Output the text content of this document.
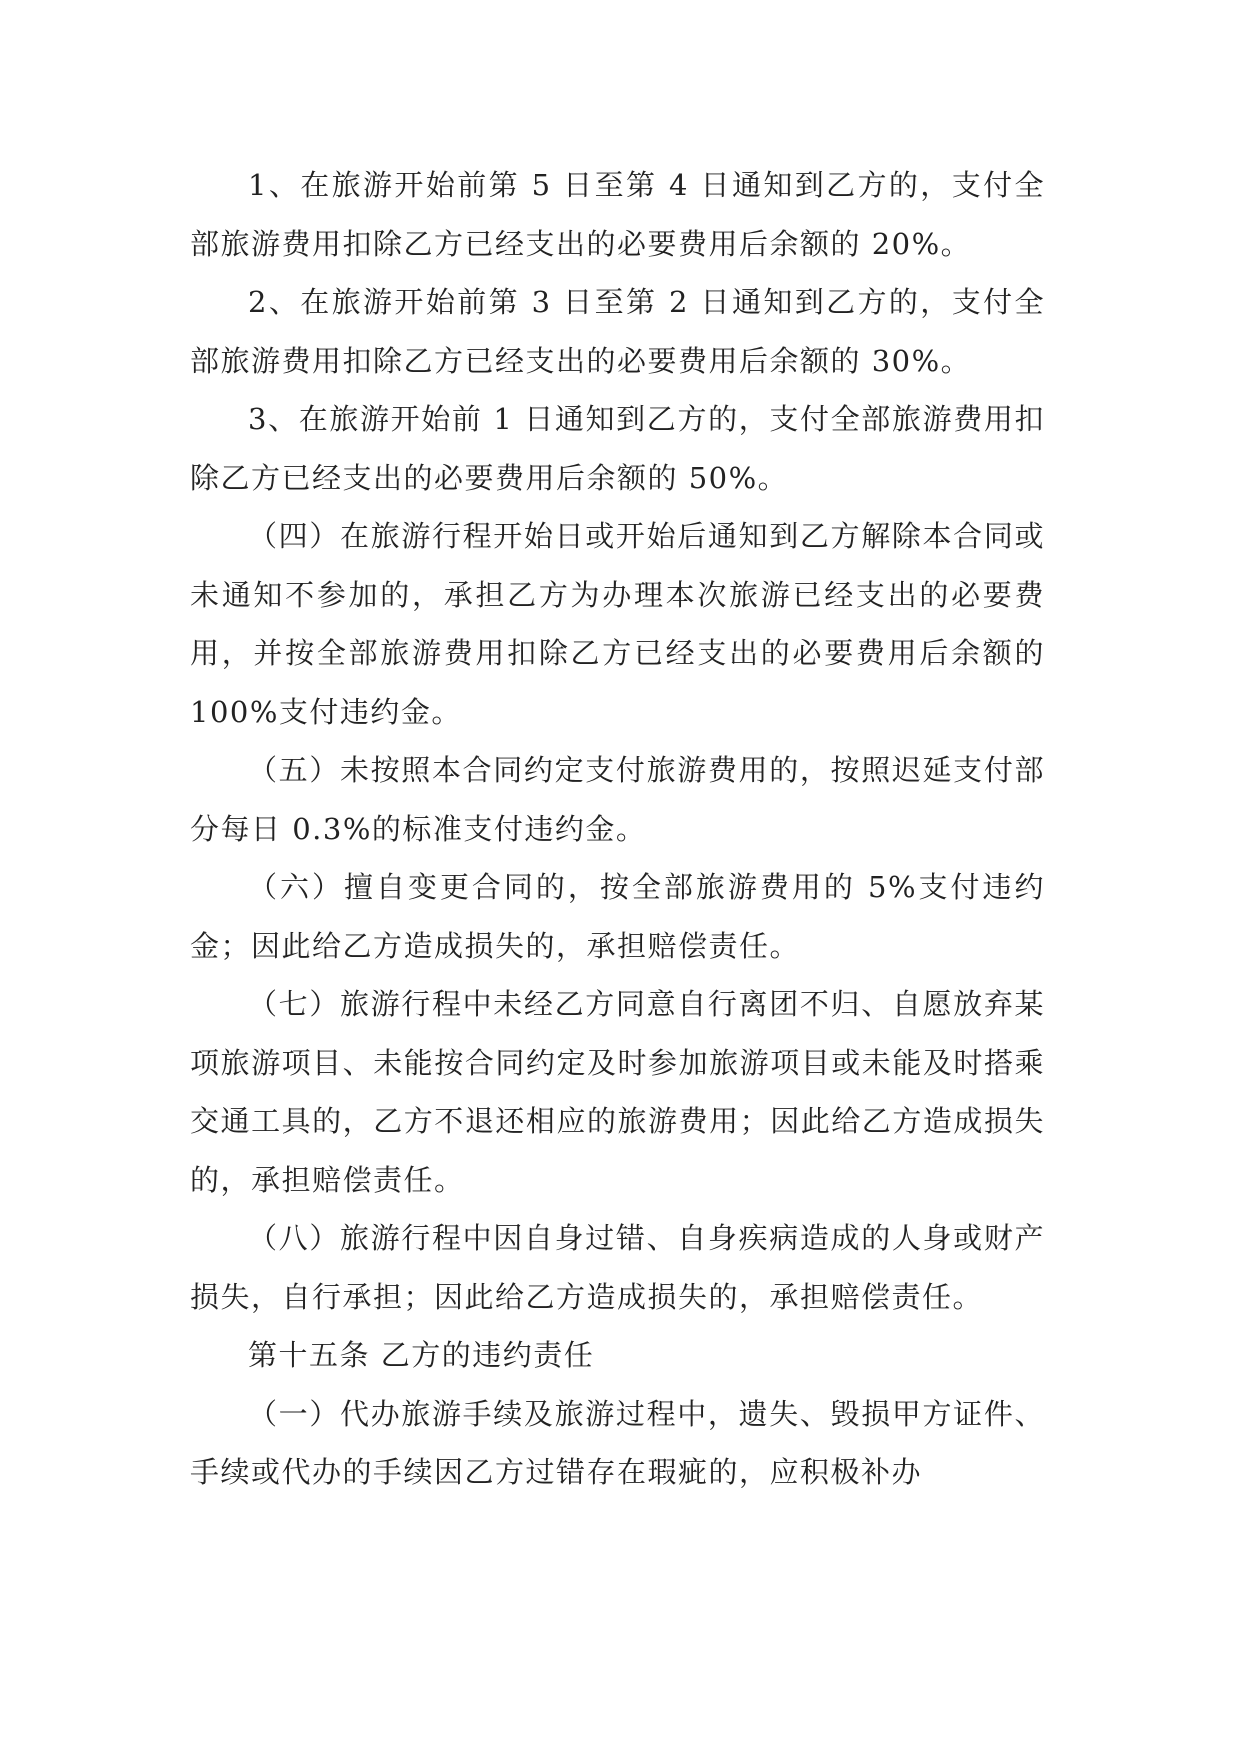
1、在旅游开始前第 5 日至第 4 日通知到乙方的，支付全部旅游费用扣除乙方已经支出的必要费用后余额的 20%。

2、在旅游开始前第 3 日至第 2 日通知到乙方的，支付全部旅游费用扣除乙方已经支出的必要费用后余额的 30%。

3、在旅游开始前 1 日通知到乙方的，支付全部旅游费用扣除乙方已经支出的必要费用后余额的 50%。

（四）在旅游行程开始日或开始后通知到乙方解除本合同或未通知不参加的，承担乙方为办理本次旅游已经支出的必要费用，并按全部旅游费用扣除乙方已经支出的必要费用后余额的 100%支付违约金。

（五）未按照本合同约定支付旅游费用的，按照迟延支付部分每日 0.3%的标准支付违约金。

（六）擅自变更合同的，按全部旅游费用的 5%支付违约金；因此给乙方造成损失的，承担赔偿责任。

（七）旅游行程中未经乙方同意自行离团不归、自愿放弃某项旅游项目、未能按合同约定及时参加旅游项目或未能及时搭乘交通工具的，乙方不退还相应的旅游费用；因此给乙方造成损失的，承担赔偿责任。

（八）旅游行程中因自身过错、自身疾病造成的人身或财产损失，自行承担；因此给乙方造成损失的，承担赔偿责任。

第十五条 乙方的违约责任

（一）代办旅游手续及旅游过程中，遗失、毁损甲方证件、手续或代办的手续因乙方过错存在瑕疵的，应积极补办
